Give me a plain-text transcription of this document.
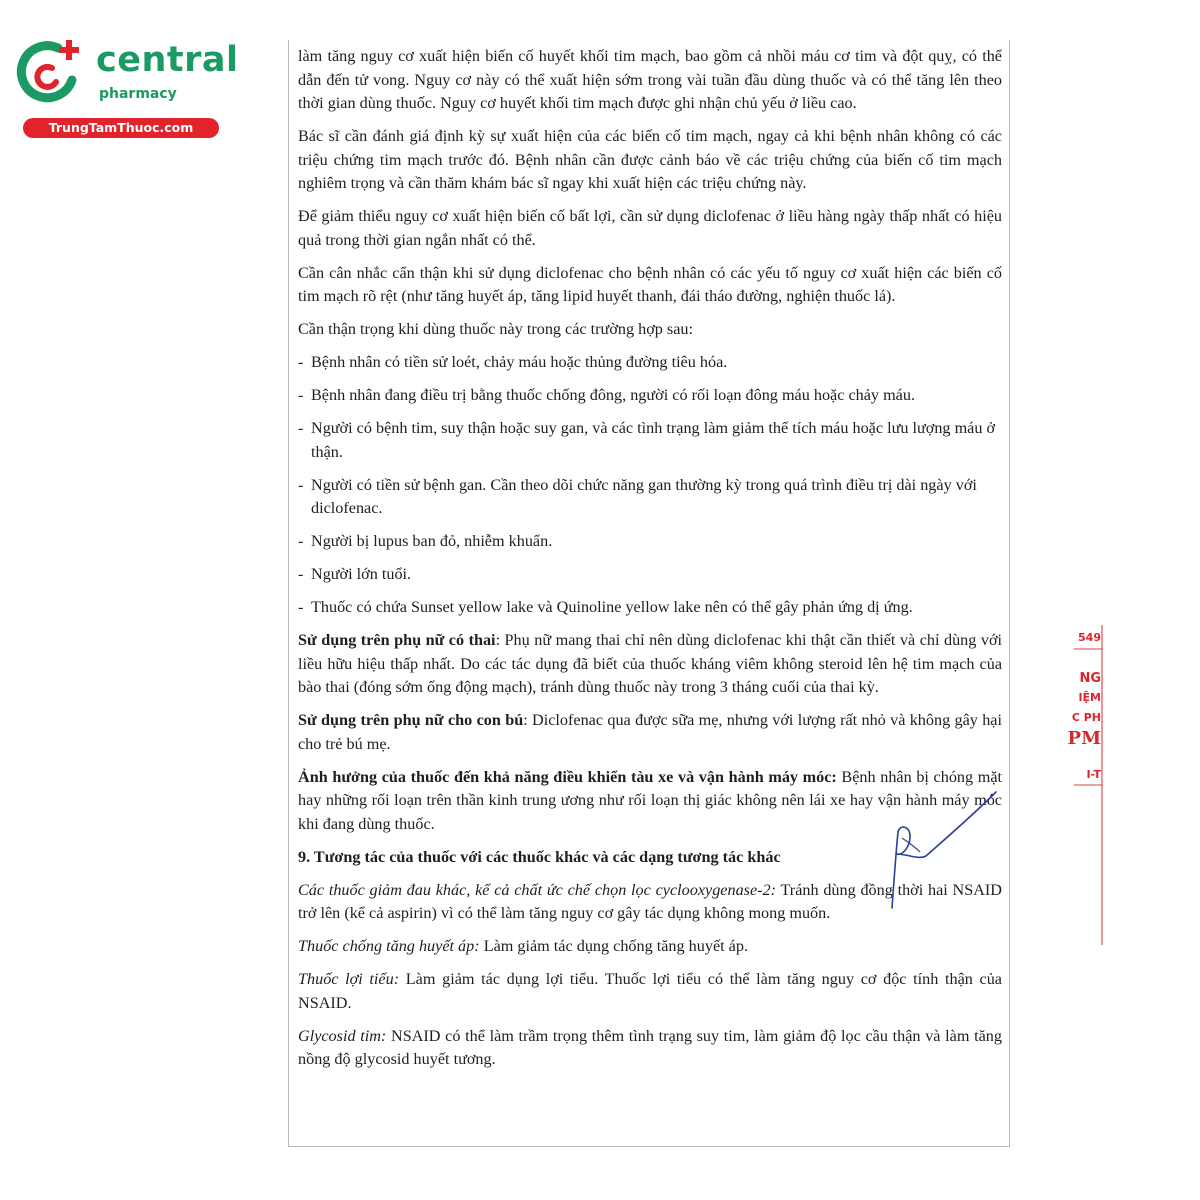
central
pharmacy
TrungTamThuoc.com

làm tăng nguy cơ xuất hiện biến cố huyết khối tim mạch, bao gồm cả nhồi máu cơ tim và đột quỵ, có thể dẫn đến tử vong. Nguy cơ này có thể xuất hiện sớm trong vài tuần đầu dùng thuốc và có thể tăng lên theo thời gian dùng thuốc. Nguy cơ huyết khối tim mạch được ghi nhận chủ yếu ở liều cao.

Bác sĩ cần đánh giá định kỳ sự xuất hiện của các biến cố tim mạch, ngay cả khi bệnh nhân không có các triệu chứng tim mạch trước đó. Bệnh nhân cần được cảnh báo về các triệu chứng của biến cố tim mạch nghiêm trọng và cần thăm khám bác sĩ ngay khi xuất hiện các triệu chứng này.

Để giảm thiểu nguy cơ xuất hiện biến cố bất lợi, cần sử dụng diclofenac ở liều hàng ngày thấp nhất có hiệu quả trong thời gian ngắn nhất có thể.

Cần cân nhắc cẩn thận khi sử dụng diclofenac cho bệnh nhân có các yếu tố nguy cơ xuất hiện các biến cố tim mạch rõ rệt (như tăng huyết áp, tăng lipid huyết thanh, đái tháo đường, nghiện thuốc lá).

Cần thận trọng khi dùng thuốc này trong các trường hợp sau:

- Bệnh nhân có tiền sử loét, chảy máu hoặc thủng đường tiêu hóa.
- Bệnh nhân đang điều trị bằng thuốc chống đông, người có rối loạn đông máu hoặc chảy máu.
- Người có bệnh tim, suy thận hoặc suy gan, và các tình trạng làm giảm thể tích máu hoặc lưu lượng máu ở thận.
- Người có tiền sử bệnh gan. Cần theo dõi chức năng gan thường kỳ trong quá trình điều trị dài ngày với diclofenac.
- Người bị lupus ban đỏ, nhiễm khuẩn.
- Người lớn tuổi.
- Thuốc có chứa Sunset yellow lake và Quinoline yellow lake nên có thể gây phản ứng dị ứng.

Sử dụng trên phụ nữ có thai: Phụ nữ mang thai chỉ nên dùng diclofenac khi thật cần thiết và chỉ dùng với liều hữu hiệu thấp nhất. Do các tác dụng đã biết của thuốc kháng viêm không steroid lên hệ tim mạch của bào thai (đóng sớm ống động mạch), tránh dùng thuốc này trong 3 tháng cuối của thai kỳ.

Sử dụng trên phụ nữ cho con bú: Diclofenac qua được sữa mẹ, nhưng với lượng rất nhỏ và không gây hại cho trẻ bú mẹ.

Ảnh hưởng của thuốc đến khả năng điều khiển tàu xe và vận hành máy móc: Bệnh nhân bị chóng mặt hay những rối loạn trên thần kinh trung ương như rối loạn thị giác không nên lái xe hay vận hành máy móc khi đang dùng thuốc.

9. Tương tác của thuốc với các thuốc khác và các dạng tương tác khác

Các thuốc giảm đau khác, kể cả chất ức chế chọn lọc cyclooxygenase-2: Tránh dùng đồng thời hai NSAID trở lên (kể cả aspirin) vì có thể làm tăng nguy cơ gây tác dụng không mong muốn.

Thuốc chống tăng huyết áp: Làm giảm tác dụng chống tăng huyết áp.

Thuốc lợi tiểu: Làm giảm tác dụng lợi tiểu. Thuốc lợi tiểu có thể làm tăng nguy cơ độc tính thận của NSAID.

Glycosid tim: NSAID có thể làm trầm trọng thêm tình trạng suy tim, làm giảm độ lọc cầu thận và làm tăng nồng độ glycosid huyết tương.

549
NG
IỆM
C PH
PM
I-T
